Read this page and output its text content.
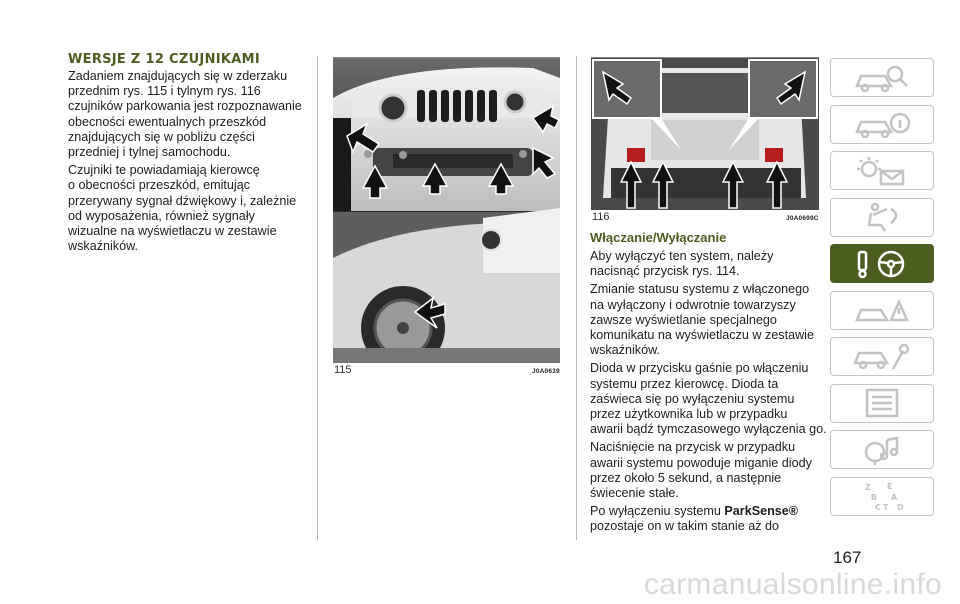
WERSJE Z 12 CZUJNIKAMI

Zadaniem znajdujących się w zderzaku
przednim rys. 115 i tylnym rys. 116
czujników parkowania jest rozpoznawanie
obecności ewentualnych przeszkód
znajdujących się w pobliżu części
przedniej i tylnej samochodu.

Czujniki te powiadamiają kierowcę
o obecności przeszkód, emitując
przerywany sygnał dźwiękowy i, zależnie
od wyposażenia, również sygnały
wizualne na wyświetlaczu w zestawie
wskaźników.

115	J0A0639
116	J0A0699C
Włączanie/Wyłączanie

Aby wyłączyć ten system, należy
nacisnąć przycisk rys. 114.

Zmianie statusu systemu z włączonego
na wyłączony i odwrotnie towarzyszy
zawsze wyświetlanie specjalnego
komunikatu na wyświetlaczu w zestawie
wskaźników.

Dioda w przycisku gaśnie po włączeniu
systemu przez kierowcę. Dioda ta
zaświeca się po wyłączeniu systemu
przez użytkownika lub w przypadku
awarii bądź tymczasowego wyłączenia go.

Naciśnięcie na przycisk w przypadku
awarii systemu powoduje miganie diody
przez około 5 sekund, a następnie
świecenie stałe.

Po wyłączeniu systemu ParkSense®
pozostaje on w takim stanie aż do

Z E
B A
C T D
167
carmanualsonline.info
